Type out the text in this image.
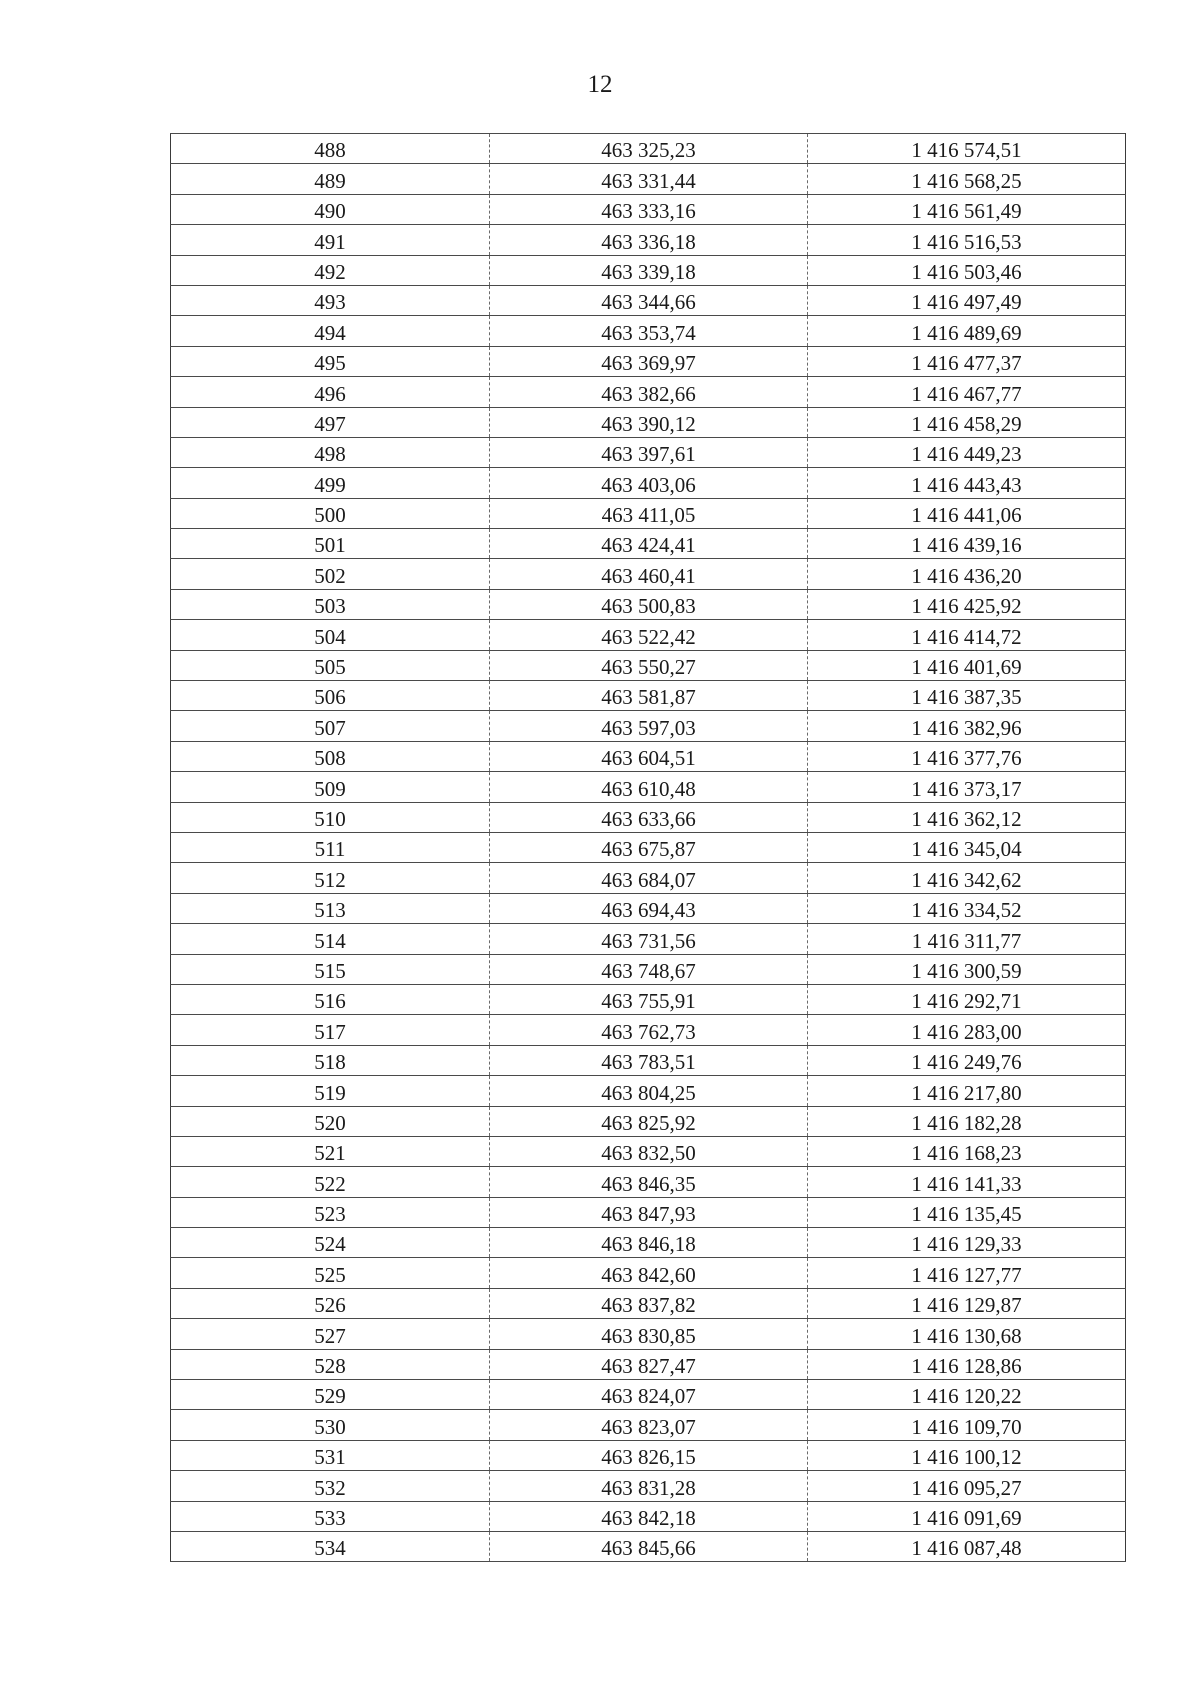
12
488	463 325,23	1 416 574,51
489	463 331,44	1 416 568,25
490	463 333,16	1 416 561,49
491	463 336,18	1 416 516,53
492	463 339,18	1 416 503,46
493	463 344,66	1 416 497,49
494	463 353,74	1 416 489,69
495	463 369,97	1 416 477,37
496	463 382,66	1 416 467,77
497	463 390,12	1 416 458,29
498	463 397,61	1 416 449,23
499	463 403,06	1 416 443,43
500	463 411,05	1 416 441,06
501	463 424,41	1 416 439,16
502	463 460,41	1 416 436,20
503	463 500,83	1 416 425,92
504	463 522,42	1 416 414,72
505	463 550,27	1 416 401,69
506	463 581,87	1 416 387,35
507	463 597,03	1 416 382,96
508	463 604,51	1 416 377,76
509	463 610,48	1 416 373,17
510	463 633,66	1 416 362,12
511	463 675,87	1 416 345,04
512	463 684,07	1 416 342,62
513	463 694,43	1 416 334,52
514	463 731,56	1 416 311,77
515	463 748,67	1 416 300,59
516	463 755,91	1 416 292,71
517	463 762,73	1 416 283,00
518	463 783,51	1 416 249,76
519	463 804,25	1 416 217,80
520	463 825,92	1 416 182,28
521	463 832,50	1 416 168,23
522	463 846,35	1 416 141,33
523	463 847,93	1 416 135,45
524	463 846,18	1 416 129,33
525	463 842,60	1 416 127,77
526	463 837,82	1 416 129,87
527	463 830,85	1 416 130,68
528	463 827,47	1 416 128,86
529	463 824,07	1 416 120,22
530	463 823,07	1 416 109,70
531	463 826,15	1 416 100,12
532	463 831,28	1 416 095,27
533	463 842,18	1 416 091,69
534	463 845,66	1 416 087,48
